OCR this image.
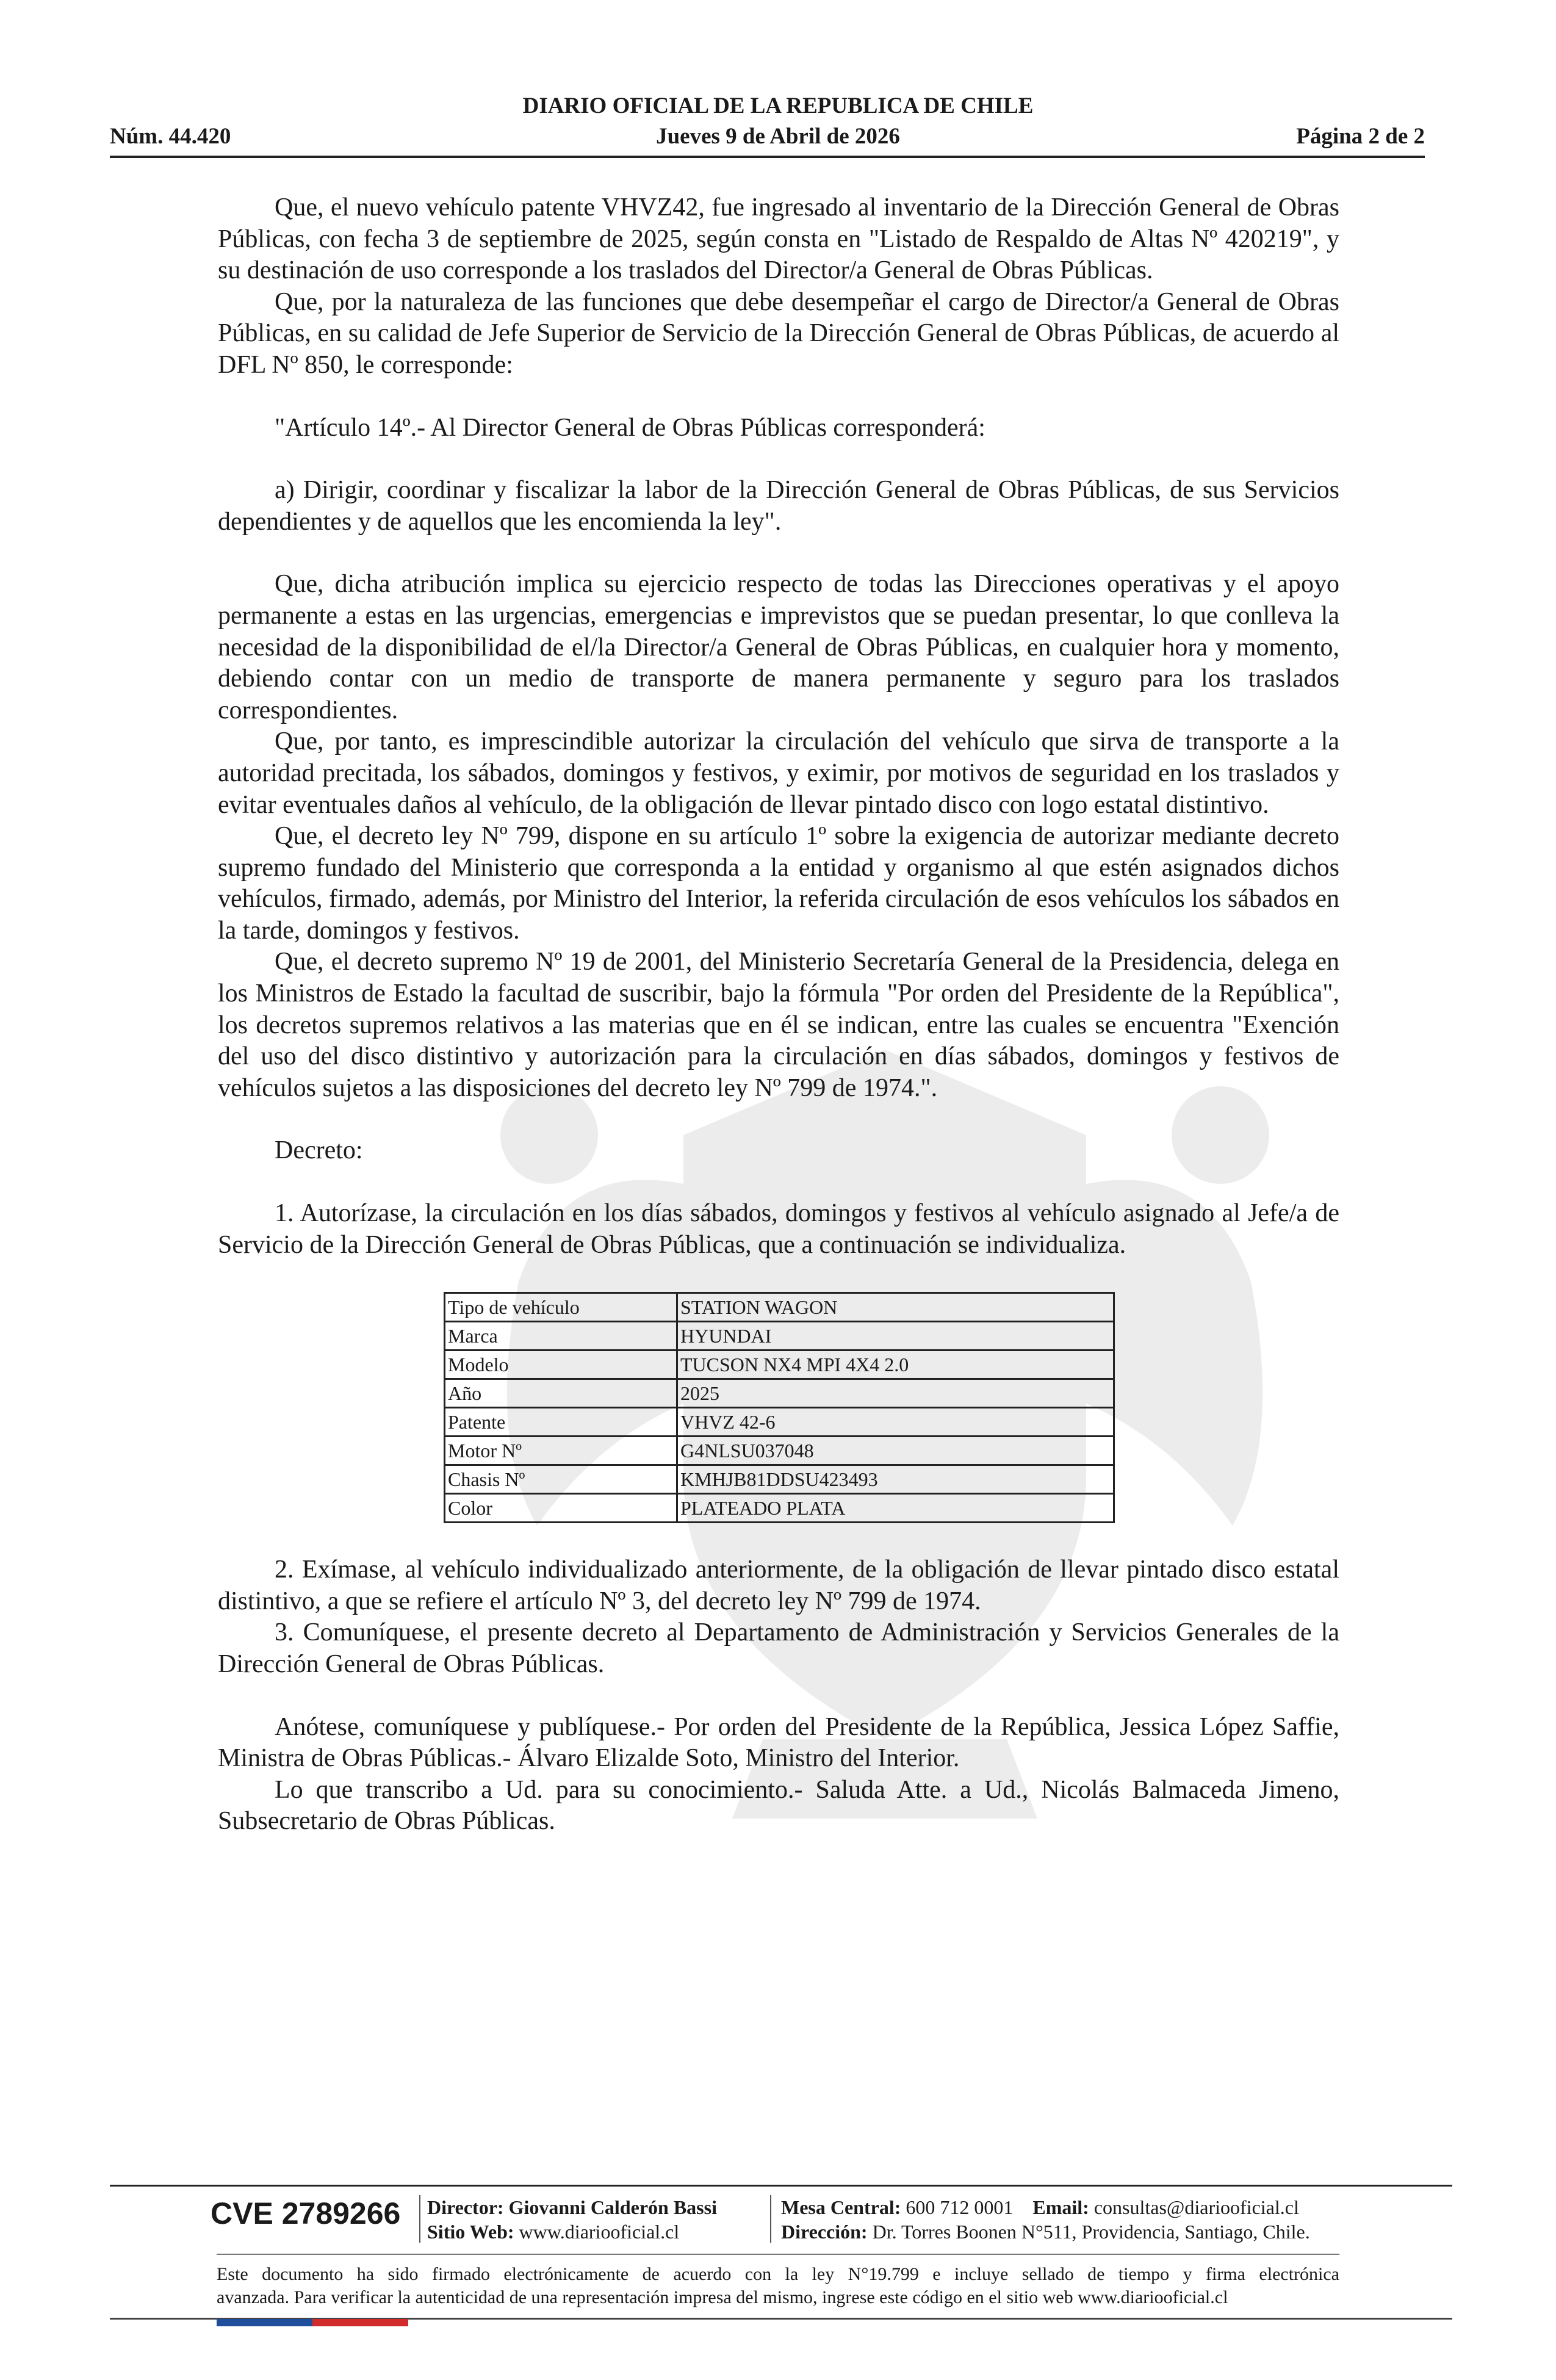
DIARIO OFICIAL DE LA REPUBLICA DE CHILE
Núm. 44.420	Jueves 9 de Abril de 2026	Página 2 de 2

Que, el nuevo vehículo patente VHVZ42, fue ingresado al inventario de la Dirección General de Obras Públicas, con fecha 3 de septiembre de 2025, según consta en "Listado de Respaldo de Altas Nº 420219", y su destinación de uso corresponde a los traslados del Director/a General de Obras Públicas.

Que, por la naturaleza de las funciones que debe desempeñar el cargo de Director/a General de Obras Públicas, en su calidad de Jefe Superior de Servicio de la Dirección General de Obras Públicas, de acuerdo al DFL Nº 850, le corresponde:

"Artículo 14º.- Al Director General de Obras Públicas corresponderá:

a) Dirigir, coordinar y fiscalizar la labor de la Dirección General de Obras Públicas, de sus Servicios dependientes y de aquellos que les encomienda la ley".

Que, dicha atribución implica su ejercicio respecto de todas las Direcciones operativas y el apoyo permanente a estas en las urgencias, emergencias e imprevistos que se puedan presentar, lo que conlleva la necesidad de la disponibilidad de el/la Director/a General de Obras Públicas, en cualquier hora y momento, debiendo contar con un medio de transporte de manera permanente y seguro para los traslados correspondientes.

Que, por tanto, es imprescindible autorizar la circulación del vehículo que sirva de transporte a la autoridad precitada, los sábados, domingos y festivos, y eximir, por motivos de seguridad en los traslados y evitar eventuales daños al vehículo, de la obligación de llevar pintado disco con logo estatal distintivo.

Que, el decreto ley Nº 799, dispone en su artículo 1º sobre la exigencia de autorizar mediante decreto supremo fundado del Ministerio que corresponda a la entidad y organismo al que estén asignados dichos vehículos, firmado, además, por Ministro del Interior, la referida circulación de esos vehículos los sábados en la tarde, domingos y festivos.

Que, el decreto supremo Nº 19 de 2001, del Ministerio Secretaría General de la Presidencia, delega en los Ministros de Estado la facultad de suscribir, bajo la fórmula "Por orden del Presidente de la República", los decretos supremos relativos a las materias que en él se indican, entre las cuales se encuentra "Exención del uso del disco distintivo y autorización para la circulación en días sábados, domingos y festivos de vehículos sujetos a las disposiciones del decreto ley Nº 799 de 1974.".

Decreto:

1. Autorízase, la circulación en los días sábados, domingos y festivos al vehículo asignado al Jefe/a de Servicio de la Dirección General de Obras Públicas, que a continuación se individualiza.

Tipo de vehículo	STATION WAGON
Marca	HYUNDAI
Modelo	TUCSON NX4 MPI 4X4 2.0
Año	2025
Patente	VHVZ 42-6
Motor Nº	G4NLSU037048
Chasis Nº	KMHJB81DDSU423493
Color	PLATEADO PLATA

2. Exímase, al vehículo individualizado anteriormente, de la obligación de llevar pintado disco estatal distintivo, a que se refiere el artículo Nº 3, del decreto ley Nº 799 de 1974.

3. Comuníquese, el presente decreto al Departamento de Administración y Servicios Generales de la Dirección General de Obras Públicas.

Anótese, comuníquese y publíquese.- Por orden del Presidente de la República, Jessica López Saffie, Ministra de Obras Públicas.- Álvaro Elizalde Soto, Ministro del Interior.

Lo que transcribo a Ud. para su conocimiento.- Saluda Atte. a Ud., Nicolás Balmaceda Jimeno, Subsecretario de Obras Públicas.

CVE 2789266 Director: Giovanni Calderón Bassi
Sitio Web: www.diariooficial.cl
Mesa Central: 600 712 0001 Email: consultas@diariooficial.cl
Dirección: Dr. Torres Boonen N°511, Providencia, Santiago, Chile.
Este documento ha sido firmado electrónicamente de acuerdo con la ley N°19.799 e incluye sellado de tiempo y firma electrónica
avanzada. Para verificar la autenticidad de una representación impresa del mismo, ingrese este código en el sitio web www.diariooficial.cl
